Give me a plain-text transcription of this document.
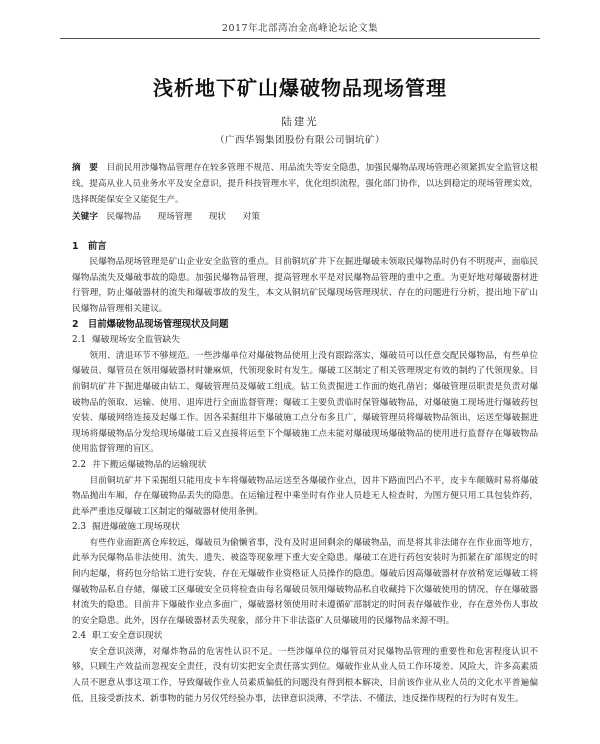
2017年北部湾冶金高峰论坛论文集
浅析地下矿山爆破物品现场管理
陆建光
（广西华锡集团股份有限公司铜坑矿）
摘　要 目前民用涉爆物品管理存在较多管理不规范、用品流失等安全隐患，加强民爆物品现场管理必须紧抓安全监管这根线，提高从业人员业务水平及安全意识，提升科技管理水平，优化组织流程，强化部门协作，以达到稳定的现场管理实效，选择既能保安全又能促生产。
关键字 民爆物品 现场管理 现状 对策

1　前言

民爆物品现场管理是矿山企业安全监管的重点。目前铜坑矿井下在掘进爆破未领取民爆物品时仍有不明现声，面临民爆物品流失及爆破事故的隐患。加强民爆物品管理，提高管理水平是对民爆物品管理的重中之重。为更好地对爆破器材进行管理，防止爆破器材的流失和爆破事故的发生，本文从铜坑矿民爆现场管理现状、存在的问题进行分析，提出地下矿山民爆物品管理相关建议。

2　目前爆破物品现场管理现状及问题

2.1 爆破现场安全监管缺失

领用、清退环节不够规范。一些涉爆单位对爆破物品使用上没有跟踪落实，爆破员可以任意交配民爆物品，有些单位爆破员、爆管员在领用爆破器材时嫌麻烦，代领现象时有发生。爆破工区制定了相关管理规定有效的制约了代领现象。目前铜坑矿井下掘进爆破由钻工、爆破管理员及爆破工组成。钻工负责掘进工作面的炮孔凿岩；爆破管理员职责是负责对爆破物品的领取、运输、使用、退库进行全面监督管理；爆破工主要负责临时保管爆破物品，对爆破施工现场进行爆破药包安装、爆破网络连接及起爆工作。因各采掘组井下爆破施工点分布多且广，爆破管理员将爆破物品领出，运送至爆破掘进现场将爆破物品分发给现场爆破工后又直接将运至下个爆破施工点未能对爆破现场爆破物品的使用进行监督存在爆破物品使用监督管理的盲区。

2.2 井下搬运爆破物品的运输现状

目前铜坑矿井下采掘组只能用皮卡车将爆破物品运送至各爆破作业点，因井下路面凹凸不平，皮卡车颠簸时易将爆破物品抛出车厢，存在爆破物品丢失的隐患。在运输过程中乘坐时有作业人员趁无人检查时，为图方便只用工具包装炸药，此举严重违反爆破工区制定的爆破器材使用条例。

2.3 掘进爆破施工现场现状

有些作业面距离仓库较远，爆破员为偷懒省事，没有及时退回剩余的爆破物品，而是将其非法储存在作业面等地方，此举为民爆物品非法使用、流失、遗失、被盗等现象埋下重大安全隐患。爆破工在进行药包安装时为抓紧在矿部规定的时间内起爆，将药包分给钻工进行安装，存在无爆破作业资格证人员操作的隐患。爆破后因高爆破器材存放稍宽运爆破工将爆破物品私自存储，爆破工区爆破安全员将检查由每名爆破员领用爆破物品私自收藏持下次爆破使用的情况，存在爆破器材流失的隐患。目前井下爆破作业点多面广，爆破器材领使用时未遵循矿部制定的时间表存爆破作业，存在意外伤人事故的安全隐患。此外，因存在爆破器材丢失现象，部分井下非法盗矿人员爆破用的民爆物品来源不明。

2.4 职工安全意识现状

安全意识淡薄，对爆炸物品的危害性认识不足。一些涉爆单位的爆管员对民爆物品管理的重要性和危害程度认识不够，只顾生产效益而忽视安全责任，没有切实把安全责任落实到位。爆破作业从业人员工作环境差、风险大，许多高素质人员不愿意从事这项工作，导致爆破作业人员素质偏低的问题没有得到根本解决，目前该作业从业人员的文化水平普遍偏低，且接受新技术、新事物的能力另仅凭经验办事，法律意识淡薄，不学法、不懂法，违反操作规程的行为时有发生。
